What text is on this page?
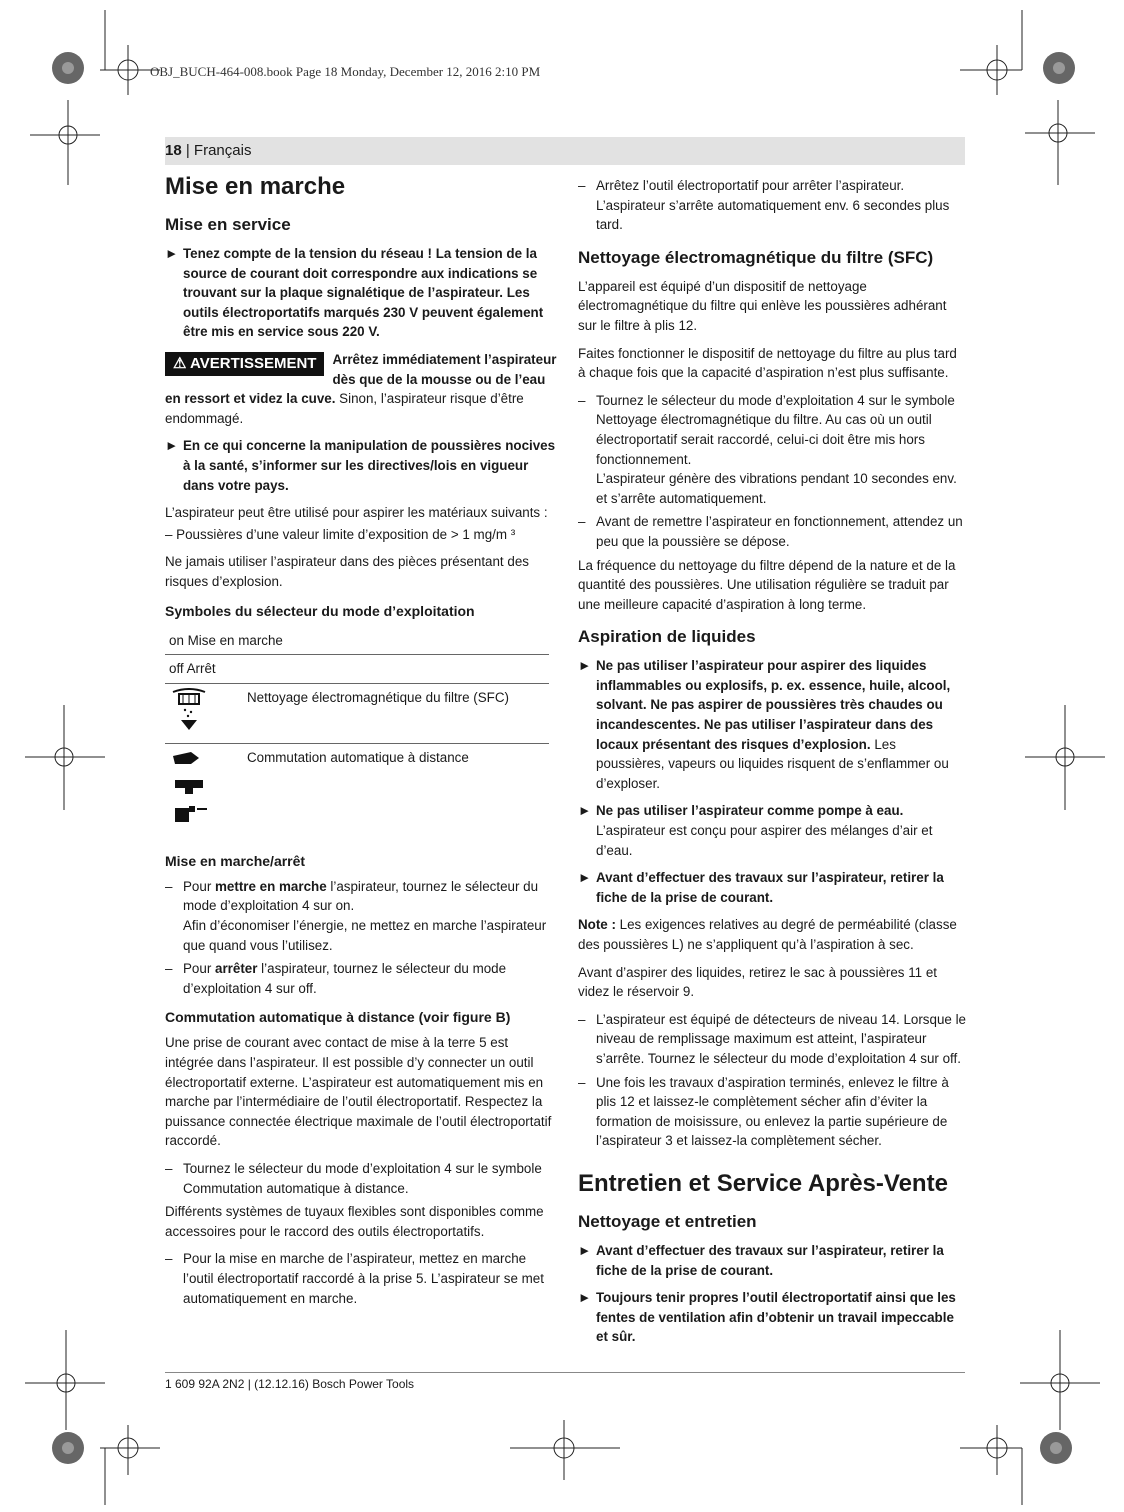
OBJ_BUCH-464-008.book Page 18 Monday, December 12, 2016 2:10 PM
18 | Français
Mise en marche
Mise en service
► Tenez compte de la tension du réseau ! La tension de la source de courant doit correspondre aux indications se trouvant sur la plaque signalétique de l’aspirateur. Les outils électroportatifs marqués 230 V peuvent également être mis en service sous 220 V.
⚠ AVERTISSEMENT	Arrêtez immédiatement l’aspirateur dès que de la mousse ou de l’eau en ressort et videz la cuve. Sinon, l’aspirateur risque d’être endommagé.
► En ce qui concerne la manipulation de poussières nocives à la santé, s’informer sur les directives/lois en vigueur dans votre pays.

L’aspirateur peut être utilisé pour aspirer les matériaux suivants :

– Poussières d’une valeur limite d’exposition de > 1 mg/m ³

Ne jamais utiliser l’aspirateur dans des pièces présentant des risques d’explosion.

Symboles du sélecteur du mode d’exploitation
on Mise en marche	
off Arrêt	
	Nettoyage électromagnétique du filtre (SFC)
	Commutation automatique à distance
Mise en marche/arrêt
– Pour mettre en marche l’aspirateur, tournez le sélecteur du mode d’exploitation 4 sur on.
Afin d’économiser l’énergie, ne mettez en marche l’aspirateur que quand vous l’utilisez.
– Pour arrêter l’aspirateur, tournez le sélecteur du mode d’exploitation 4 sur off.
Commutation automatique à distance (voir figure B)

Une prise de courant avec contact de mise à la terre 5 est intégrée dans l’aspirateur. Il est possible d’y connecter un outil électroportatif externe. L’aspirateur est automatiquement mis en marche par l’intermédiaire de l’outil électroportatif. Respectez la puissance connectée électrique maximale de l’outil électroportatif raccordé.

– Tournez le sélecteur du mode d’exploitation 4 sur le symbole Commutation automatique à distance.

Différents systèmes de tuyaux flexibles sont disponibles comme accessoires pour le raccord des outils électroportatifs.

– Pour la mise en marche de l’aspirateur, mettez en marche l’outil électroportatif raccordé à la prise 5. L’aspirateur se met automatiquement en marche.
– Arrêtez l’outil électroportatif pour arrêter l’aspirateur. L’aspirateur s’arrête automatiquement env. 6 secondes plus tard.
Nettoyage électromagnétique du filtre (SFC)

L’appareil est équipé d’un dispositif de nettoyage électromagnétique du filtre qui enlève les poussières adhérant sur le filtre à plis 12.

Faites fonctionner le dispositif de nettoyage du filtre au plus tard à chaque fois que la capacité d’aspiration n’est plus suffisante.

– Tournez le sélecteur du mode d’exploitation 4 sur le symbole Nettoyage électromagnétique du filtre. Au cas où un outil électroportatif serait raccordé, celui-ci doit être mis hors fonctionnement.
L’aspirateur génère des vibrations pendant 10 secondes env. et s’arrête automatiquement.
– Avant de remettre l’aspirateur en fonctionnement, attendez un peu que la poussière se dépose.

La fréquence du nettoyage du filtre dépend de la nature et de la quantité des poussières. Une utilisation régulière se traduit par une meilleure capacité d’aspiration à long terme.

Aspiration de liquides
► Ne pas utiliser l’aspirateur pour aspirer des liquides inflammables ou explosifs, p. ex. essence, huile, alcool, solvant. Ne pas aspirer de poussières très chaudes ou incandescentes. Ne pas utiliser l’aspirateur dans des locaux présentant des risques d’explosion. Les poussières, vapeurs ou liquides risquent de s’enflammer ou d’exploser.
► Ne pas utiliser l’aspirateur comme pompe à eau. L’aspirateur est conçu pour aspirer des mélanges d’air et d’eau.
► Avant d’effectuer des travaux sur l’aspirateur, retirer la fiche de la prise de courant.

Note : Les exigences relatives au degré de perméabilité (classe des poussières L) ne s’appliquent qu’à l’aspiration à sec.

Avant d’aspirer des liquides, retirez le sac à poussières 11 et videz le réservoir 9.

– L’aspirateur est équipé de détecteurs de niveau 14. Lorsque le niveau de remplissage maximum est atteint, l’aspirateur s’arrête. Tournez le sélecteur du mode d’exploitation 4 sur off.
– Une fois les travaux d’aspiration terminés, enlevez le filtre à plis 12 et laissez-le complètement sécher afin d’éviter la formation de moisissure, ou enlevez la partie supérieure de l’aspirateur 3 et laissez-la complètement sécher.
Entretien et Service Après-Vente
Nettoyage et entretien
► Avant d’effectuer des travaux sur l’aspirateur, retirer la fiche de la prise de courant.
► Toujours tenir propres l’outil électroportatif ainsi que les fentes de ventilation afin d’obtenir un travail impeccable et sûr.
1 609 92A 2N2 | (12.12.16) Bosch Power Tools
